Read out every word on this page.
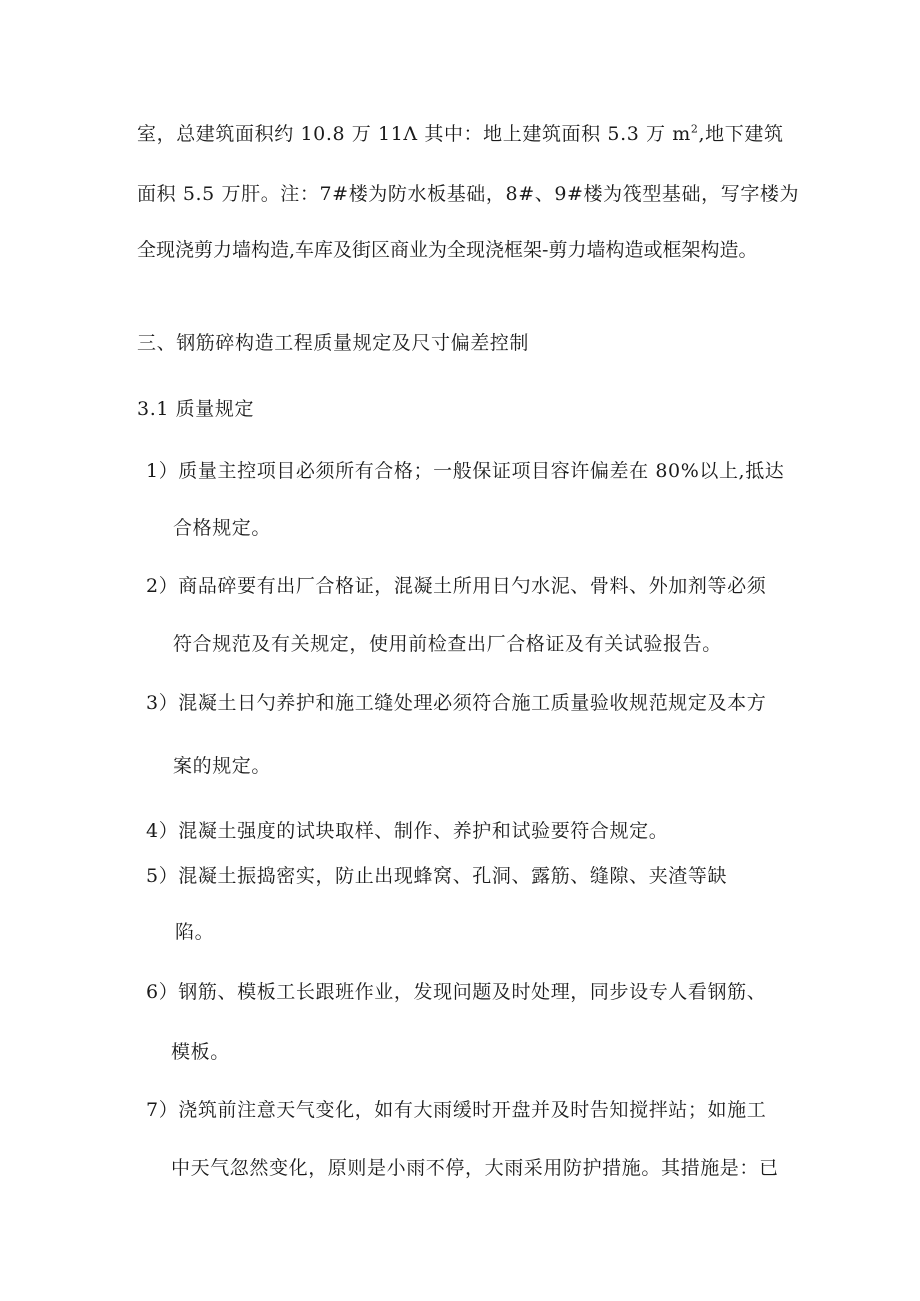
室，总建筑面积约 10.8 万 11Λ 其中：地上建筑面积 5.3 万 $m^2$,地下建筑
面积 5.5 万肝。注：7#楼为防水板基础，8#、9#楼为筏型基础，写字楼为
全现浇剪力墙构造,车库及街区商业为全现浇框架-剪力墙构造或框架构造。
三、钢筋碎构造工程质量规定及尺寸偏差控制
3.1 质量规定
1）质量主控项目必须所有合格；一般保证项目容许偏差在 80%以上,抵达
合格规定。
2）商品碎要有出厂合格证，混凝土所用日勺水泥、骨料、外加剂等必须
符合规范及有关规定，使用前检查出厂合格证及有关试验报告。
3）混凝土日勺养护和施工缝处理必须符合施工质量验收规范规定及本方
案的规定。
4）混凝土强度的试块取样、制作、养护和试验要符合规定。
5）混凝土振捣密实，防止出现蜂窝、孔洞、露筋、缝隙、夹渣等缺
陷。
6）钢筋、模板工长跟班作业，发现问题及时处理，同步设专人看钢筋、
模板。
7）浇筑前注意天气变化，如有大雨缓时开盘并及时告知搅拌站；如施工
中天气忽然变化，原则是小雨不停，大雨采用防护措施。其措施是：已
